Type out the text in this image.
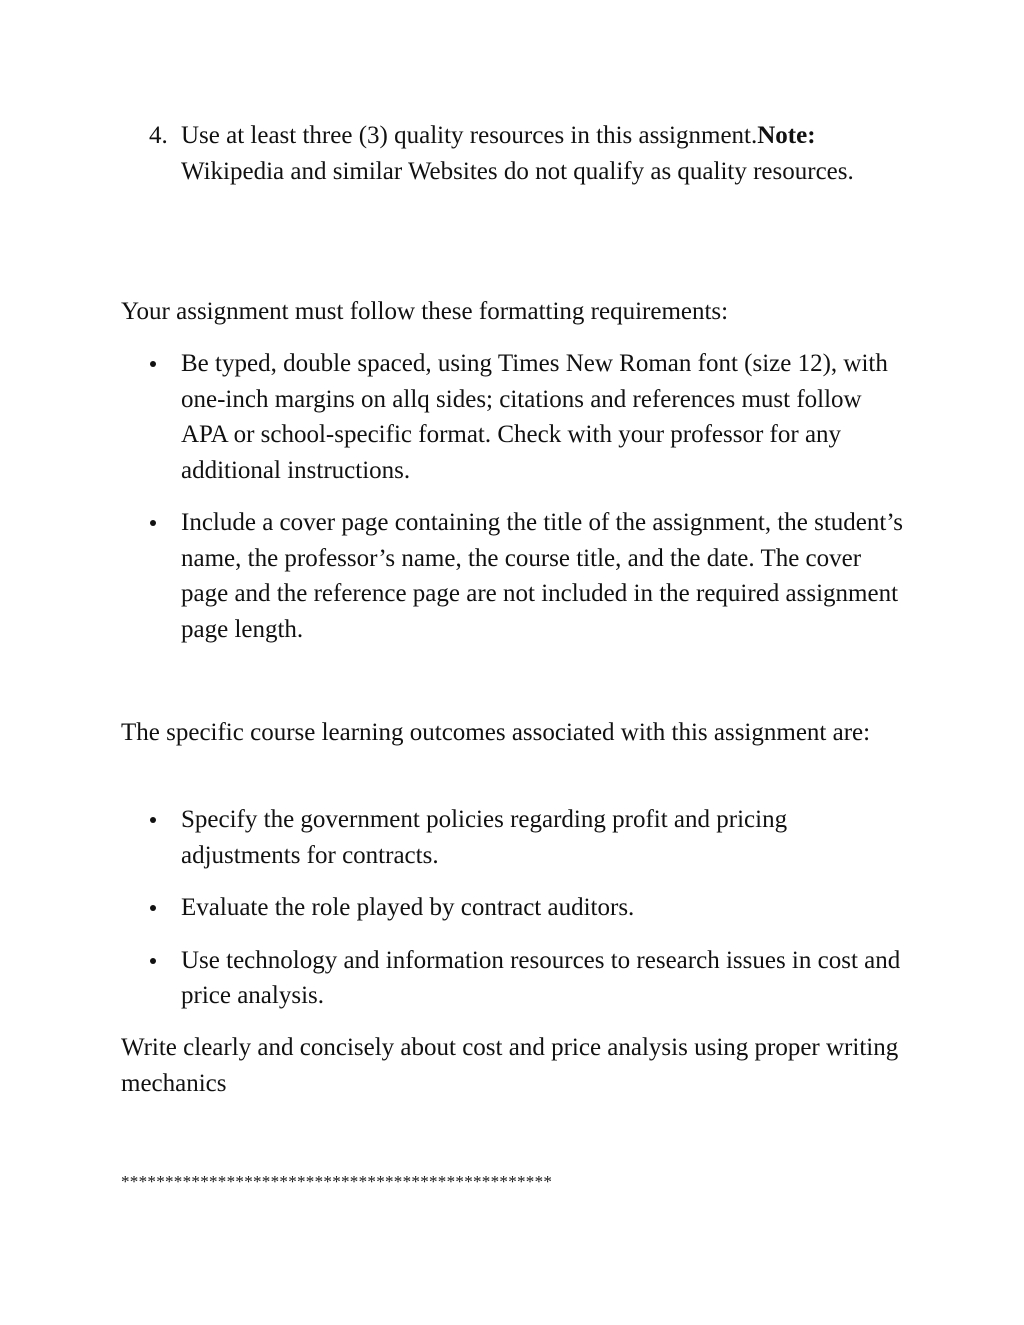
4. Use at least three (3) quality resources in this assignment.Note: Wikipedia and similar Websites do not qualify as quality resources.
Your assignment must follow these formatting requirements:
Be typed, double spaced, using Times New Roman font (size 12), with one-inch margins on allq sides; citations and references must follow APA or school-specific format. Check with your professor for any additional instructions.
Include a cover page containing the title of the assignment, the student’s name, the professor’s name, the course title, and the date. The cover page and the reference page are not included in the required assignment page length.
The specific course learning outcomes associated with this assignment are:
Specify the government policies regarding profit and pricing adjustments for contracts.
Evaluate the role played by contract auditors.
Use technology and information resources to research issues in cost and price analysis.
Write clearly and concisely about cost and price analysis using proper writing mechanics
*************************************************
